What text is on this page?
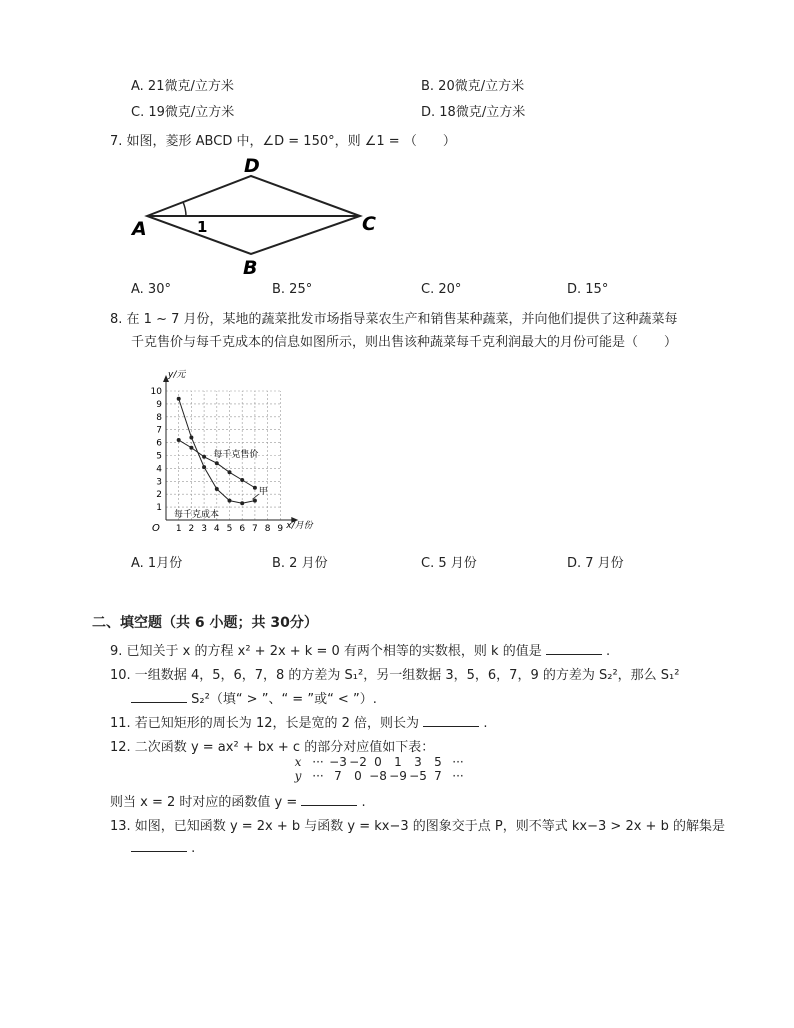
A. 21微克/立方米	B. 20微克/立方米
C. 19微克/立方米	D. 18微克/立方米
7. 如图，菱形 ABCD 中，∠D = 150°，则 ∠1 = （　　）
A
B
C
D
1
A. 30°	B. 25°	C. 20°	D. 15°
8. 在 1 ~ 7 月份，某地的蔬菜批发市场指导菜农生产和销售某种蔬菜，并向他们提供了这种蔬菜每
千克售价与每千克成本的信息如图所示，则出售该种蔬菜每千克利润最大的月份可能是（　　）
1 2 3 4 5 6 7 8 9
1
2
3
4
5
6
7
8
9
10
O	x/月份
y/元
每千克售价
每千克成本
甲
A. 1月份	B. 2 月份	C. 5 月份	D. 7 月份
二、填空题（共 6 小题；共 30分）
9. 已知关于 x 的方程 x² + 2x + k = 0 有两个相等的实数根，则 k 的值是	.
10. 一组数据 4，5，6，7，8 的方差为 S₁²，另一组数据 3，5，6，7，9 的方差为 S₂²，那么 S₁²
S₂²（填“ > ”、“ = ”或“ < ”）.
11. 若已知矩形的周长为 12，长是宽的 2 倍，则长为	.
12. 二次函数 y = ax² + bx + c 的部分对应值如下表：
x ··· −3 −2 0 1 3 5 ···
y ··· 7 0 −8 −9 −5 7 ···
则当 x = 2 时对应的函数值 y =	.
13. 如图，已知函数 y = 2x + b 与函数 y = kx−3 的图象交于点 P，则不等式 kx−3 > 2x + b 的解集是
.
